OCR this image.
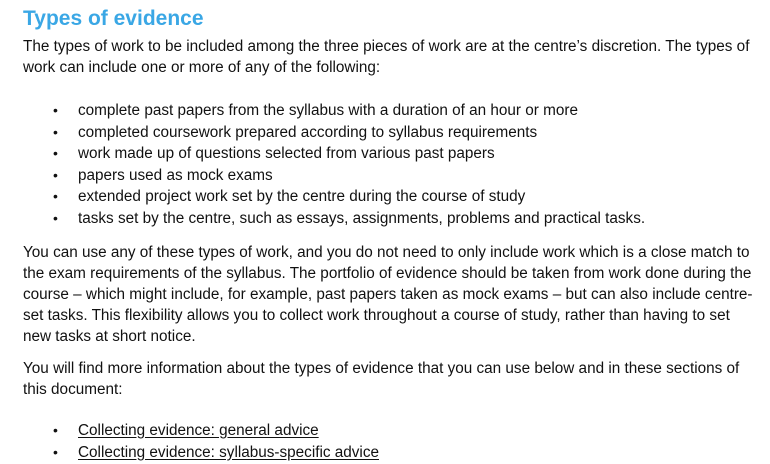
Types of evidence

The types of work to be included among the three pieces of work are at the centre’s discretion. The types of work can include one or more of any of the following:

• complete past papers from the syllabus with a duration of an hour or more
• completed coursework prepared according to syllabus requirements
• work made up of questions selected from various past papers
• papers used as mock exams
• extended project work set by the centre during the course of study
• tasks set by the centre, such as essays, assignments, problems and practical tasks.

You can use any of these types of work, and you do not need to only include work which is a close match to the exam requirements of the syllabus. The portfolio of evidence should be taken from work done during the course – which might include, for example, past papers taken as mock exams – but can also include centre-set tasks. This flexibility allows you to collect work throughout a course of study, rather than having to set new tasks at short notice.

You will find more information about the types of evidence that you can use below and in these sections of this document:

• Collecting evidence: general advice
• Collecting evidence: syllabus-specific advice
